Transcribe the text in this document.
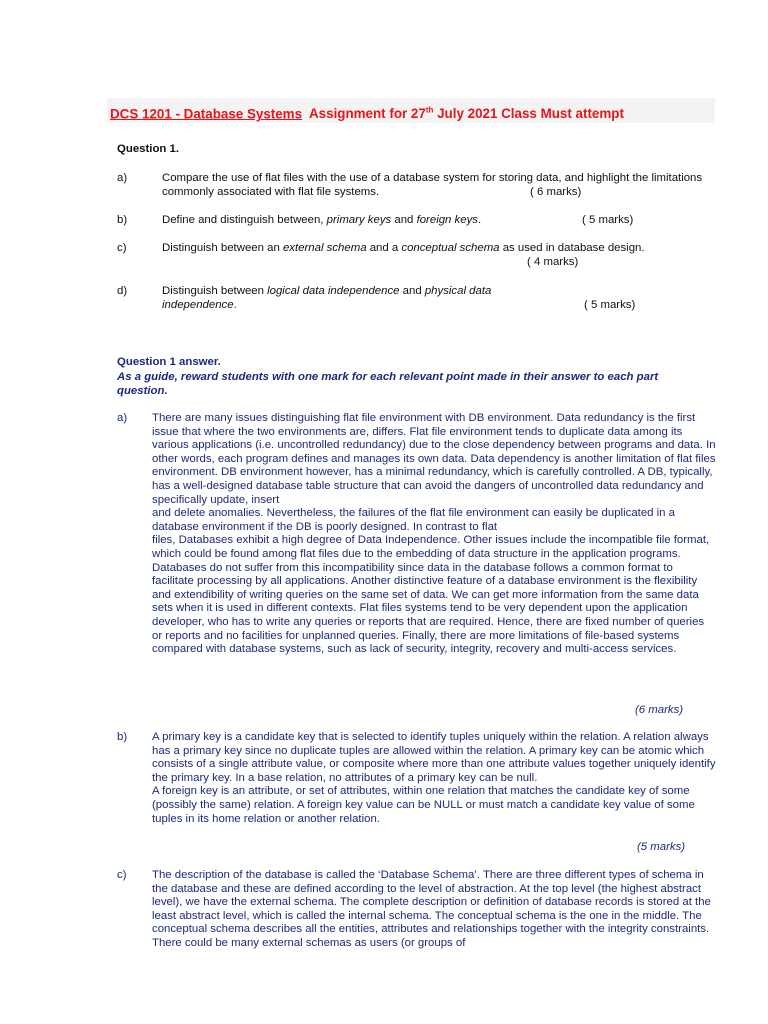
DCS 1201 - Database Systems Assignment for 27th July 2021 Class Must attempt
Question 1.
a)	Compare the use of flat files with the use of a database system for storing data, and highlight the limitations commonly associated with flat file systems.	( 6 marks)
b)	Define and distinguish between, primary keys and foreign keys.	( 5 marks)
c)	Distinguish between an external schema and a conceptual schema as used in database design.
( 4 marks)
d)	Distinguish between logical data independence and physical data independence.	( 5 marks)
Question 1 answer.
As a guide, reward students with one mark for each relevant point made in their answer to each part question.
a)	There are many issues distinguishing flat file environment with DB environment. Data redundancy is the first issue that where the two environments are, differs. Flat file environment tends to duplicate data among its various applications (i.e. uncontrolled redundancy) due to the close dependency between programs and data. In other words, each program defines and manages its own data. Data dependency is another limitation of flat files environment. DB environment however, has a minimal redundancy, which is carefully controlled. A DB, typically, has a well-designed database table structure that can avoid the dangers of uncontrolled data redundancy and specifically update, insert

and delete anomalies. Nevertheless, the failures of the flat file environment can easily be duplicated in a database environment if the DB is poorly designed. In contrast to flat

files, Databases exhibit a high degree of Data Independence. Other issues include the incompatible file format, which could be found among flat files due to the embedding of data structure in the application programs. Databases do not suffer from this incompatibility since data in the database follows a common format to facilitate processing by all applications. Another distinctive feature of a database environment is the flexibility and extendibility of writing queries on the same set of data. We can get more information from the same data sets when it is used in different contexts. Flat files systems tend to be very dependent upon the application developer, who has to write any queries or reports that are required. Hence, there are fixed number of queries or reports and no facilities for unplanned queries. Finally, there are more limitations of file-based systems compared with database systems, such as lack of security, integrity, recovery and multi-access services.

(6 marks)
b)	A primary key is a candidate key that is selected to identify tuples uniquely within the relation. A relation always has a primary key since no duplicate tuples are allowed within the relation. A primary key can be atomic which consists of a single attribute value, or composite where more than one attribute values together uniquely identify the primary key. In a base relation, no attributes of a primary key can be null.

A foreign key is an attribute, or set of attributes, within one relation that matches the candidate key of some (possibly the same) relation. A foreign key value can be NULL or must match a candidate key value of some tuples in its home relation or another relation.

(5 marks)
c)	The description of the database is called the ‘Database Schema’. There are three different types of schema in the database and these are defined according to the level of abstraction. At the top level (the highest abstract level), we have the external schema. The complete description or definition of database records is stored at the least abstract level, which is called the internal schema. The conceptual schema is the one in the middle. The conceptual schema describes all the entities, attributes and relationships together with the integrity constraints. There could be many external schemas as users (or groups of
